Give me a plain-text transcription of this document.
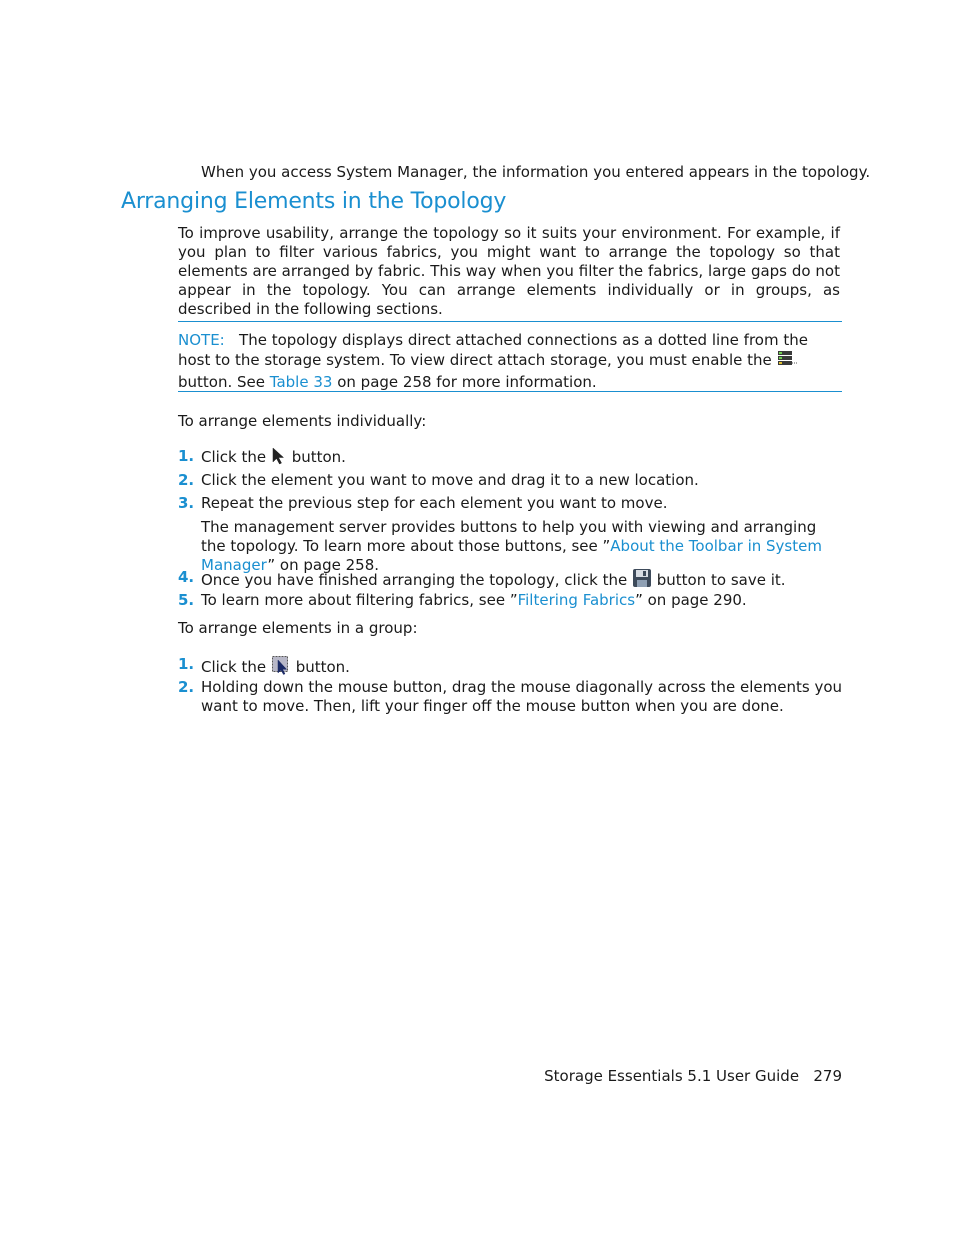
When you access System Manager, the information you entered appears in the topology.
Arranging Elements in the Topology
To improve usability, arrange the topology so it suits your environment. For example, if you plan to filter various fabrics, you might want to arrange the topology so that elements are arranged by fabric. This way when you filter the fabrics, large gaps do not appear in the topology. You can arrange elements individually or in groups, as described in the following sections.
NOTE: The topology displays direct attached connections as a dotted line from the host to the storage system. To view direct attach storage, you must enable the  button. See Table 33 on page 258 for more information.
To arrange elements individually:
1. Click the button.
2. Click the element you want to move and drag it to a new location.
3. Repeat the previous step for each element you want to move.
The management server provides buttons to help you with viewing and arranging the topology. To learn more about those buttons, see ”About the Toolbar in System Manager” on page 258.
4. Once you have finished arranging the topology, click the button to save it.
5. To learn more about filtering fabrics, see ”Filtering Fabrics” on page 290.
To arrange elements in a group:
1. Click the button.
2. Holding down the mouse button, drag the mouse diagonally across the elements you want to move. Then, lift your finger off the mouse button when you are done.
Storage Essentials 5.1 User Guide 279
